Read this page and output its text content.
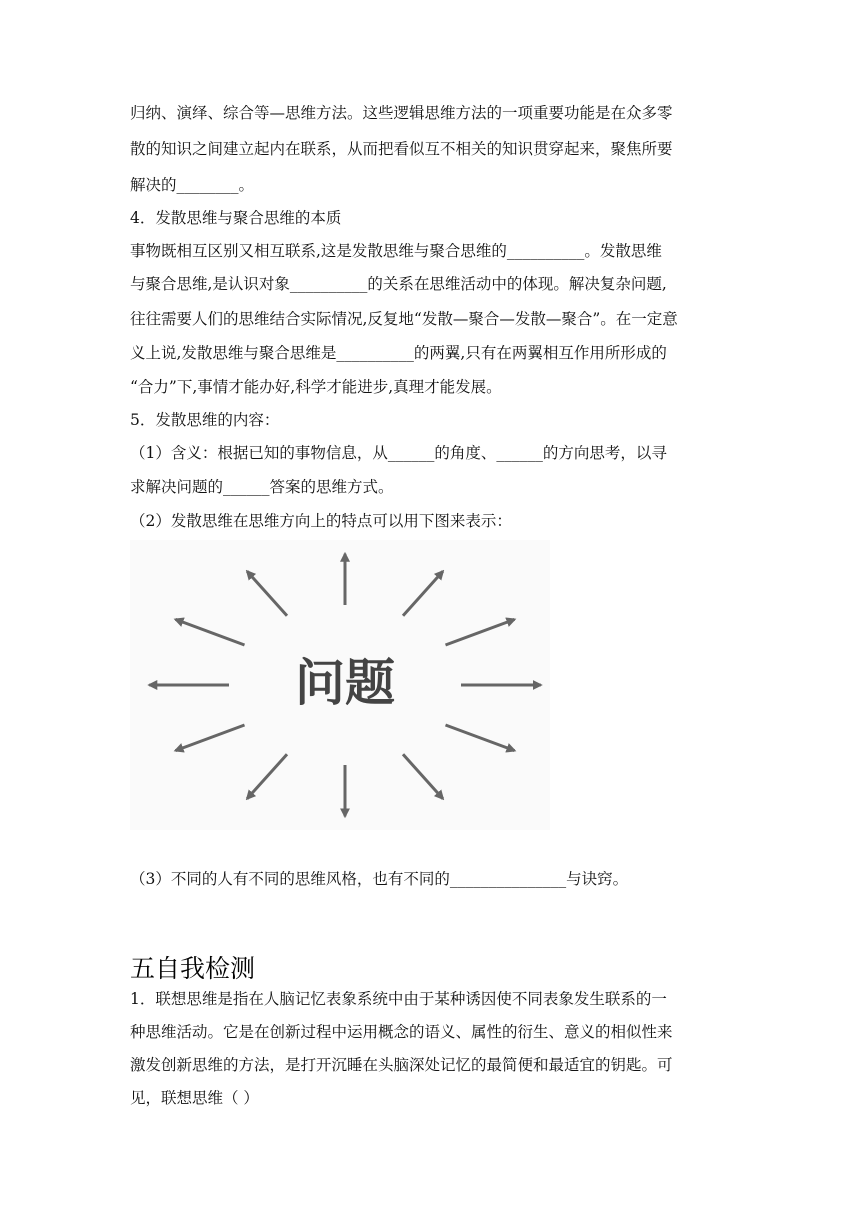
归纳、演绎、综合等—思维方法。这些逻辑思维方法的一项重要功能是在众多零
散的知识之间建立起内在联系，从而把看似互不相关的知识贯穿起来，聚焦所要
解决的________。
4．发散思维与聚合思维的本质
事物既相互区别又相互联系,这是发散思维与聚合思维的__________。发散思维
与聚合思维,是认识对象__________的关系在思维活动中的体现。解决复杂问题,
往往需要人们的思维结合实际情况,反复地“发散—聚合—发散—聚合”。在一定意
义上说,发散思维与聚合思维是__________的两翼,只有在两翼相互作用所形成的
“合力”下,事情才能办好,科学才能进步,真理才能发展。
5．发散思维的内容：
（1）含义：根据已知的事物信息，从______的角度、______的方向思考，以寻
求解决问题的______答案的思维方式。
（2）发散思维在思维方向上的特点可以用下图来表示：
问题
（3）不同的人有不同的思维风格，也有不同的_______________与诀窍。
五自我检测
1．联想思维是指在人脑记忆表象系统中由于某种诱因使不同表象发生联系的一
种思维活动。它是在创新过程中运用概念的语义、属性的衍生、意义的相似性来
激发创新思维的方法，是打开沉睡在头脑深处记忆的最简便和最适宜的钥匙。可
见，联想思维（ ）
